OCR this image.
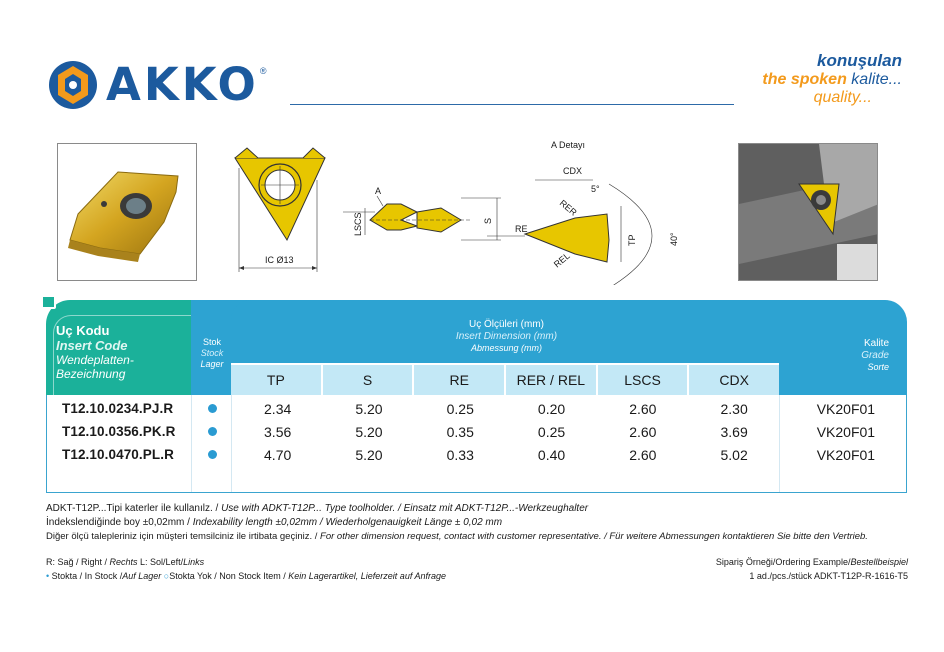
AKKO ®
konuşulan
the spoken kalite...
quality...
IC Ø13
LSCS	S
A
A Detayı
CDX
5°
RE
RER
REL
TP	40°
Uç Kodu
Insert Code
Wendeplatten-Bezeichnung
Stok
Stock
Lager
Uç Ölçüleri (mm)
Insert Dimension (mm)
Abmessung (mm)	Kalite
Grade
Sorte
TP	S	RE	RER / REL	LSCS	CDX
T12.10.0234.PJ.R	2.34	5.20	0.25	0.20	2.60	2.30	VK20F01
T12.10.0356.PK.R	3.56	5.20	0.35	0.25	2.60	3.69	VK20F01
T12.10.0470.PL.R	4.70	5.20	0.33	0.40	2.60	5.02	VK20F01
ADKT-T12P...Tipi katerler ile kullanılz. / Use with ADKT-T12P... Type toolholder. / Einsatz mit ADKT-T12P...-Werkzeughalter
İndekslendiğinde boy ±0,02mm / Indexability length ±0,02mm / Wiederholgenauigkeit Länge ± 0,02 mm
Diğer ölçü talepleriniz için müşteri temsilciniz ile irtibata geçiniz. / For other dimension request, contact with customer representative. / Für weitere Abmessungen kontaktieren Sie bitte den Vertrieb.
R: Sağ / Right / Rechts L: Sol/Left/Links
• Stokta / In Stock /Auf Lager ○Stokta Yok / Non Stock Item / Kein Lagerartikel, Lieferzeit auf Anfrage
Sipariş Örneği/Ordering Example/Bestellbeispiel
1 ad./pcs./stück ADKT-T12P-R-1616-T5
